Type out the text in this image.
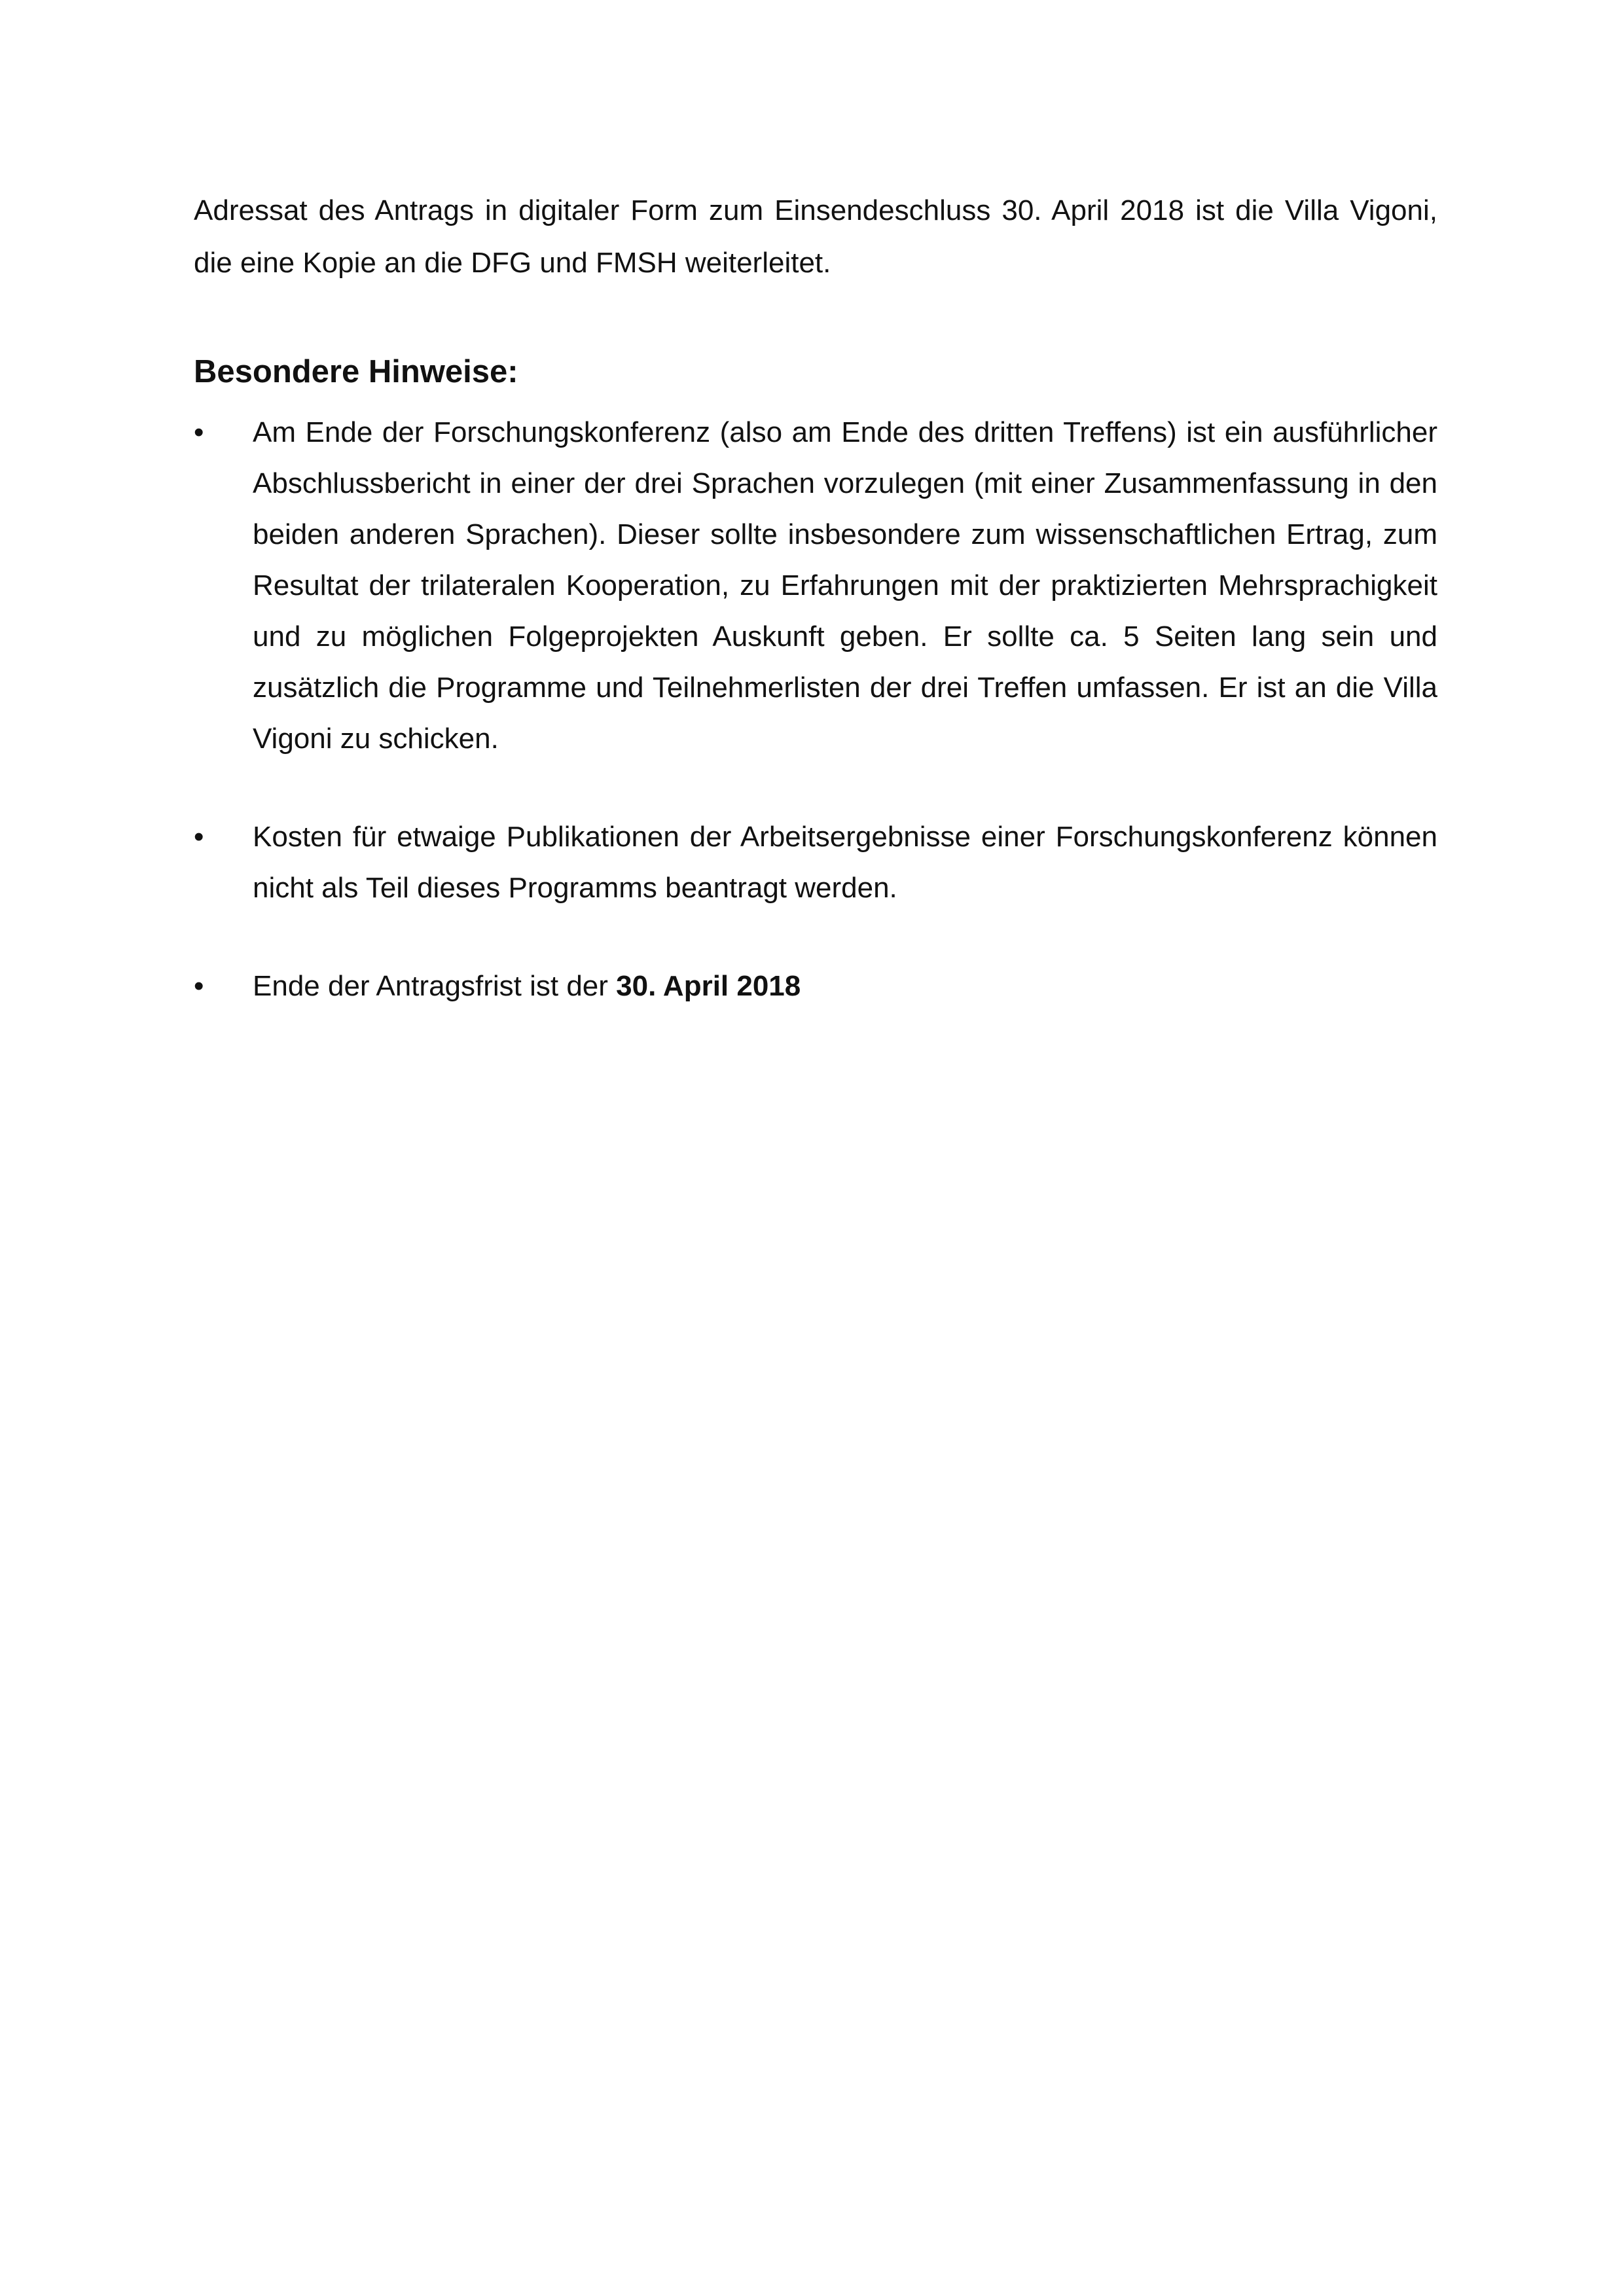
Adressat des Antrags in digitaler Form zum Einsendeschluss 30. April 2018 ist die Villa Vigoni, die eine Kopie an die DFG und FMSH weiterleitet.

Besondere Hinweise:
•	Am Ende der Forschungskonferenz (also am Ende des dritten Treffens) ist ein ausführlicher Abschlussbericht in einer der drei Sprachen vorzulegen (mit einer Zusammenfassung in den beiden anderen Sprachen). Dieser sollte insbesondere zum wissenschaftlichen Ertrag, zum Resultat der trilateralen Kooperation, zu Erfahrungen mit der praktizierten Mehrsprachigkeit und zu möglichen Folgeprojekten Auskunft geben. Er sollte ca. 5 Seiten lang sein und zusätzlich die Programme und Teilnehmerlisten der drei Treffen umfassen. Er ist an die Villa Vigoni zu schicken.
•	Kosten für etwaige Publikationen der Arbeitsergebnisse einer Forschungskonferenz können nicht als Teil dieses Programms beantragt werden.
•	Ende der Antragsfrist ist der 30. April 2018
